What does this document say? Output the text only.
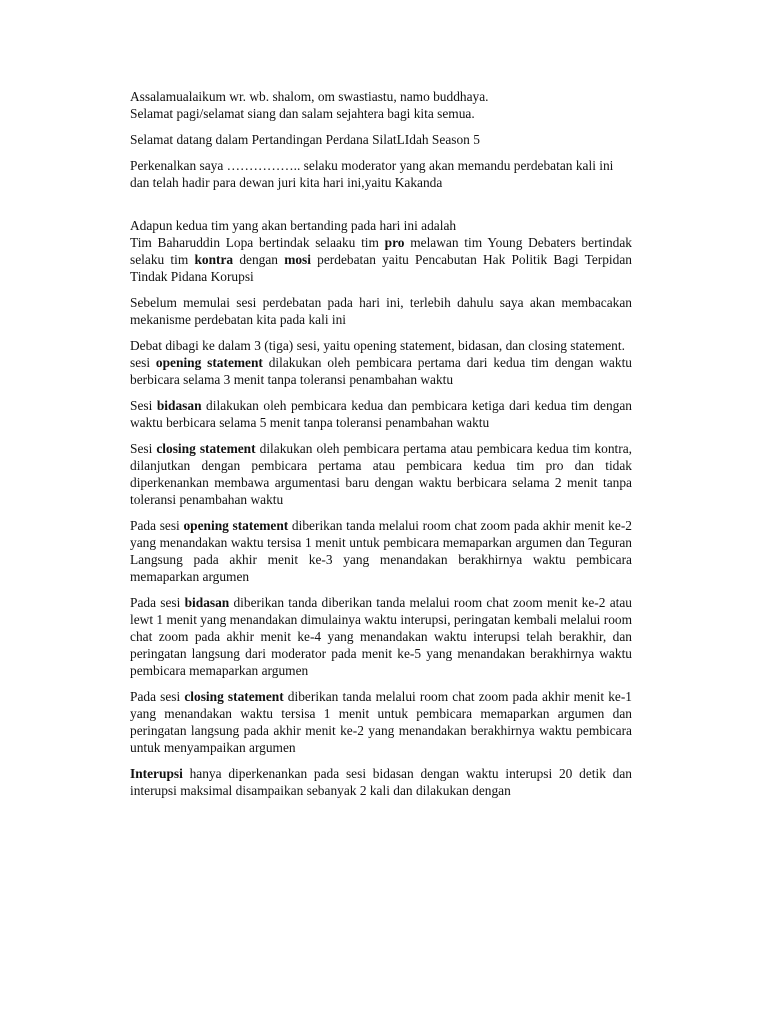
Assalamualaikum wr. wb. shalom, om swastiastu, namo buddhaya.

Selamat pagi/selamat siang dan salam sejahtera bagi kita semua.

Selamat datang dalam Pertandingan Perdana SilatLIdah Season 5

Perkenalkan saya …………….. selaku moderator yang akan memandu perdebatan kali ini

dan telah hadir para dewan juri kita hari ini,yaitu Kakanda

Adapun kedua tim yang akan bertanding pada hari ini adalah

Tim Baharuddin Lopa bertindak selaaku tim pro melawan tim Young Debaters bertindak selaku tim kontra dengan mosi perdebatan yaitu Pencabutan Hak Politik Bagi Terpidan Tindak Pidana Korupsi

Sebelum memulai sesi perdebatan pada hari ini, terlebih dahulu saya akan membacakan mekanisme perdebatan kita pada kali ini

Debat dibagi ke dalam 3 (tiga) sesi, yaitu opening statement, bidasan, dan closing statement.

sesi opening statement dilakukan oleh pembicara pertama dari kedua tim dengan waktu berbicara selama 3 menit tanpa toleransi penambahan waktu

Sesi bidasan dilakukan oleh pembicara kedua dan pembicara ketiga dari kedua tim dengan waktu berbicara selama 5 menit tanpa toleransi penambahan waktu

Sesi closing statement dilakukan oleh pembicara pertama atau pembicara kedua tim kontra, dilanjutkan dengan pembicara pertama atau pembicara kedua tim pro dan tidak diperkenankan membawa argumentasi baru dengan waktu berbicara selama 2 menit tanpa toleransi penambahan waktu

Pada sesi opening statement diberikan tanda melalui room chat zoom pada akhir menit ke-2 yang menandakan waktu tersisa 1 menit untuk pembicara memaparkan argumen dan Teguran Langsung pada akhir menit ke-3 yang menandakan berakhirnya waktu pembicara memaparkan argumen

Pada sesi bidasan diberikan tanda diberikan tanda melalui room chat zoom menit ke-2 atau lewt 1 menit yang menandakan dimulainya waktu interupsi, peringatan kembali melalui room chat zoom pada akhir menit ke-4 yang menandakan waktu interupsi telah berakhir, dan peringatan langsung dari moderator pada menit ke-5 yang menandakan berakhirnya waktu pembicara memaparkan argumen

Pada sesi closing statement diberikan tanda melalui room chat zoom pada akhir menit ke-1 yang menandakan waktu tersisa 1 menit untuk pembicara memaparkan argumen dan peringatan langsung pada akhir menit ke-2 yang menandakan berakhirnya waktu pembicara untuk menyampaikan argumen

Interupsi hanya diperkenankan pada sesi bidasan dengan waktu interupsi 20 detik dan interupsi maksimal disampaikan sebanyak 2 kali dan dilakukan dengan
